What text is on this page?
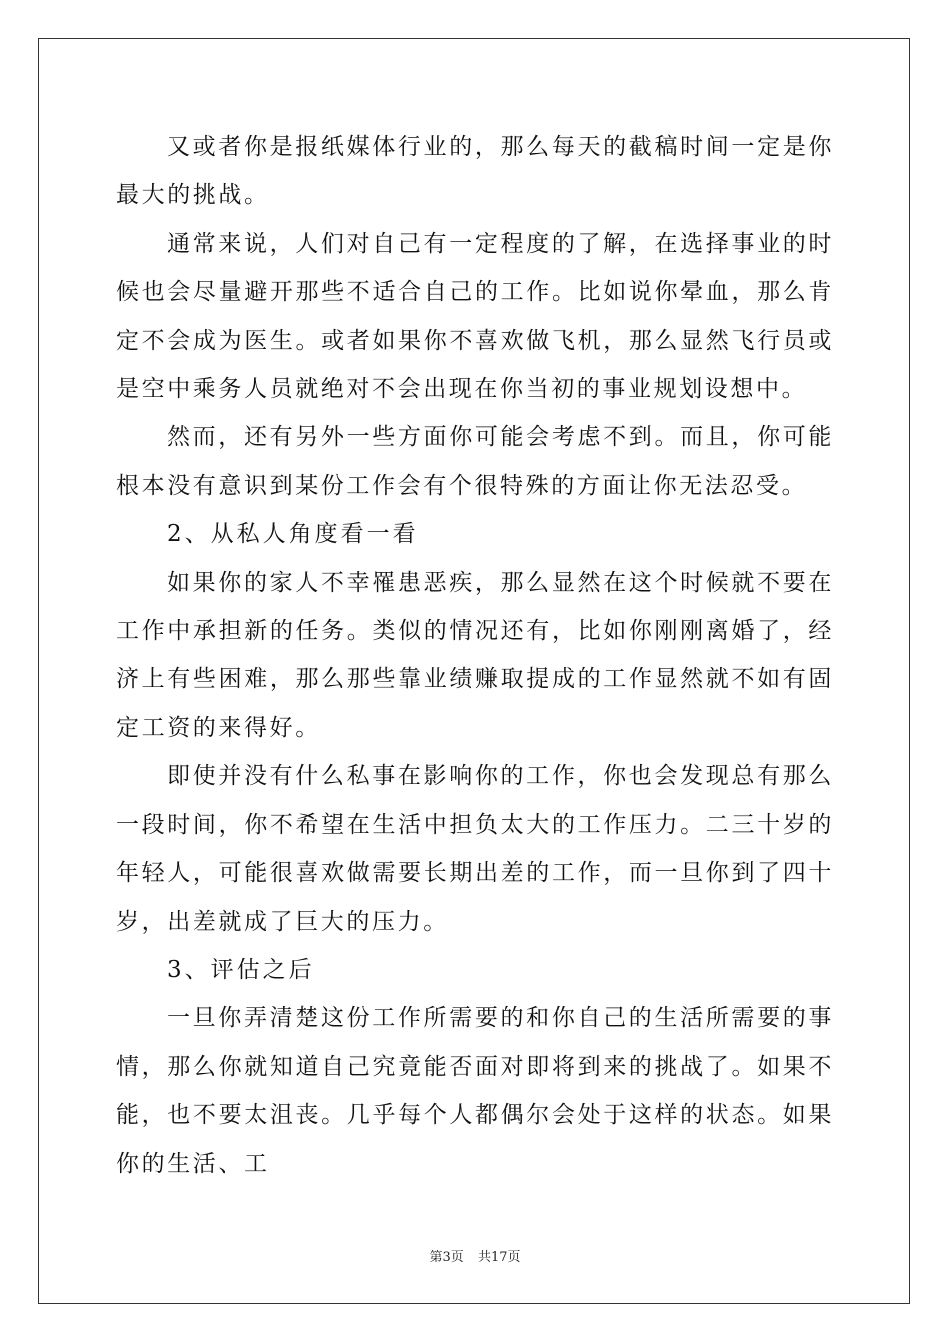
又或者你是报纸媒体行业的，那么每天的截稿时间一定是你最大的挑战。

通常来说，人们对自己有一定程度的了解，在选择事业的时候也会尽量避开那些不适合自己的工作。比如说你晕血，那么肯定不会成为医生。或者如果你不喜欢做飞机，那么显然飞行员或是空中乘务人员就绝对不会出现在你当初的事业规划设想中。

然而，还有另外一些方面你可能会考虑不到。而且，你可能根本没有意识到某份工作会有个很特殊的方面让你无法忍受。

2、从私人角度看一看

如果你的家人不幸罹患恶疾，那么显然在这个时候就不要在工作中承担新的任务。类似的情况还有，比如你刚刚离婚了，经济上有些困难，那么那些靠业绩赚取提成的工作显然就不如有固定工资的来得好。

即使并没有什么私事在影响你的工作，你也会发现总有那么一段时间，你不希望在生活中担负太大的工作压力。二三十岁的年轻人，可能很喜欢做需要长期出差的工作，而一旦你到了四十岁，出差就成了巨大的压力。

3、评估之后

一旦你弄清楚这份工作所需要的和你自己的生活所需要的事情，那么你就知道自己究竟能否面对即将到来的挑战了。如果不能，也不要太沮丧。几乎每个人都偶尔会处于这样的状态。如果你的生活、工

第3页 共17页
